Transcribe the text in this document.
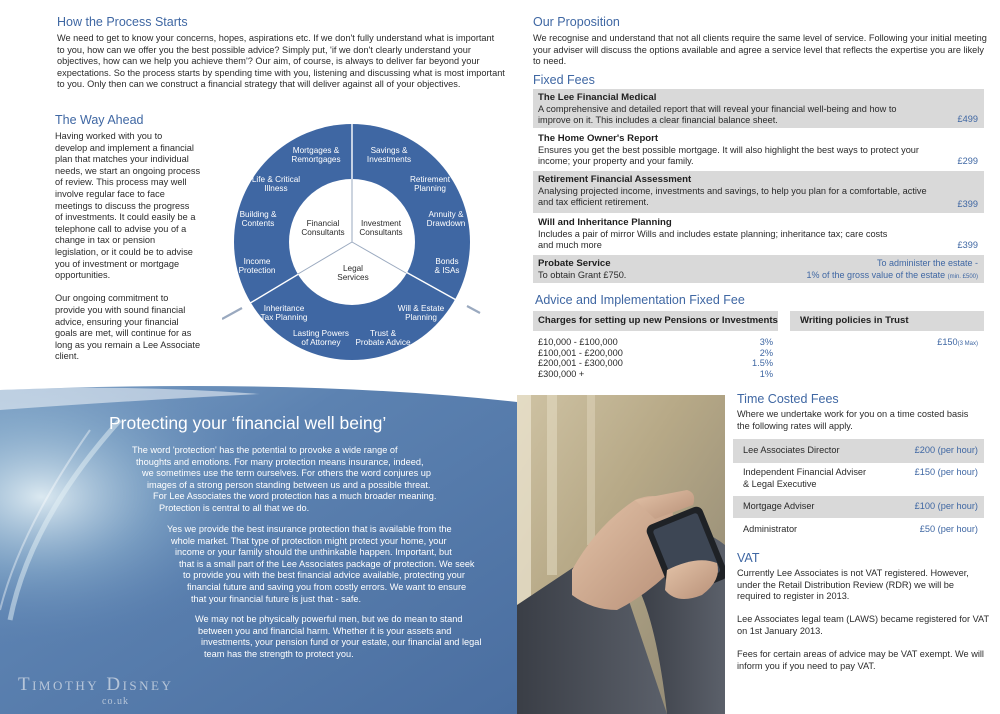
How the Process Starts
We need to get to know your concerns, hopes, aspirations etc. If we don't fully understand what is important
to you, how can we offer you the best possible advice? Simply put, 'if we don't clearly understand your
objectives, how can we help you achieve them'? Our aim, of course, is always to deliver far beyond your
expectations. So the process starts by spending time with you, listening and discussing what is most important
to you. Only then can we construct a financial strategy that will deliver against all of your objectives.
The Way Ahead
Having worked with you to
develop and implement a financial
plan that matches your individual
needs, we start an ongoing process
of review. This process may well
involve regular face to face
meetings to discuss the progress
of investments. It could easily be a
telephone call to advise you of a
change in tax or pension
legislation, or it could be to advise
you of investment or mortgage
opportunities.
Our ongoing commitment to
provide you with sound financial
advice, ensuring your financial
goals are met, will continue for as
long as you remain a Lee Associate
client.
Mortgages & Remortgages
Savings & Investments
Life & Critical Illness
Retirement Planning
Building & Contents
Annuity & Drawdown
Income Protection
Bonds & ISAs
Inheritance Tax Planning
Will & Estate Planning
Lasting Powers of Attorney
Trust & Probate Advice
Financial Consultants
Investment Consultants
Legal Services
Our Proposition
We recognise and understand that not all clients require the same level of service. Following your initial meeting
your adviser will discuss the options available and agree a service level that reflects the expertise you are likely
to need.
Fixed Fees
The Lee Financial Medical
A comprehensive and detailed report that will reveal your financial well-being and how to
improve on it. This includes a clear financial balance sheet.	£499
The Home Owner's Report
Ensures you get the best possible mortgage. It will also highlight the best ways to protect your
income; your property and your family.	£299
Retirement Financial Assessment
Analysing projected income, investments and savings, to help you plan for a comfortable, active
and tax efficient retirement.	£399
Will and Inheritance Planning
Includes a pair of mirror Wills and includes estate planning; inheritance tax; care costs
and much more	£399
Probate Service
To obtain Grant £750.
To administer the estate -
1% of the gross value of the estate (min. £500)
Advice and Implementation Fixed Fee
Charges for setting up new Pensions or Investments	Writing policies in Trust
£10,000 - £100,000	3%
£100,001 - £200,000	2%
£200,001 - £300,000	1.5%
£300,000 +	1%
£150(3 Max)
Protecting your ‘financial well being’
The word 'protection' has the potential to provoke a wide range of
thoughts and emotions. For many protection means insurance, indeed,
we sometimes use the term ourselves. For others the word conjures up
images of a strong person standing between us and a possible threat.
For Lee Associates the word protection has a much broader meaning.
Protection is central to all that we do.
Yes we provide the best insurance protection that is available from the
whole market. That type of protection might protect your home, your
income or your family should the unthinkable happen. Important, but
that is a small part of the Lee Associates package of protection. We seek
to provide you with the best financial advice available, protecting your
financial future and saving you from costly errors. We want to ensure
that your financial future is just that - safe.
We may not be physically powerful men, but we do mean to stand
between you and financial harm. Whether it is your assets and
investments, your pension fund or your estate, our financial and legal
team has the strength to protect you.
Timothy Disney
co.uk
Time Costed Fees
Where we undertake work for you on a time costed basis
the following rates will apply.
Lee Associates Director	£200 (per hour)
Independent Financial Adviser
& Legal Executive
£150 (per hour)
Mortgage Adviser	£100 (per hour)
Administrator	£50 (per hour)
VAT
Currently Lee Associates is not VAT registered. However,
under the Retail Distribution Review (RDR) we will be
required to register in 2013.
Lee Associates legal team (LAWS) became registered for VAT
on 1st January 2013.
Fees for certain areas of advice may be VAT exempt. We will
inform you if you need to pay VAT.
